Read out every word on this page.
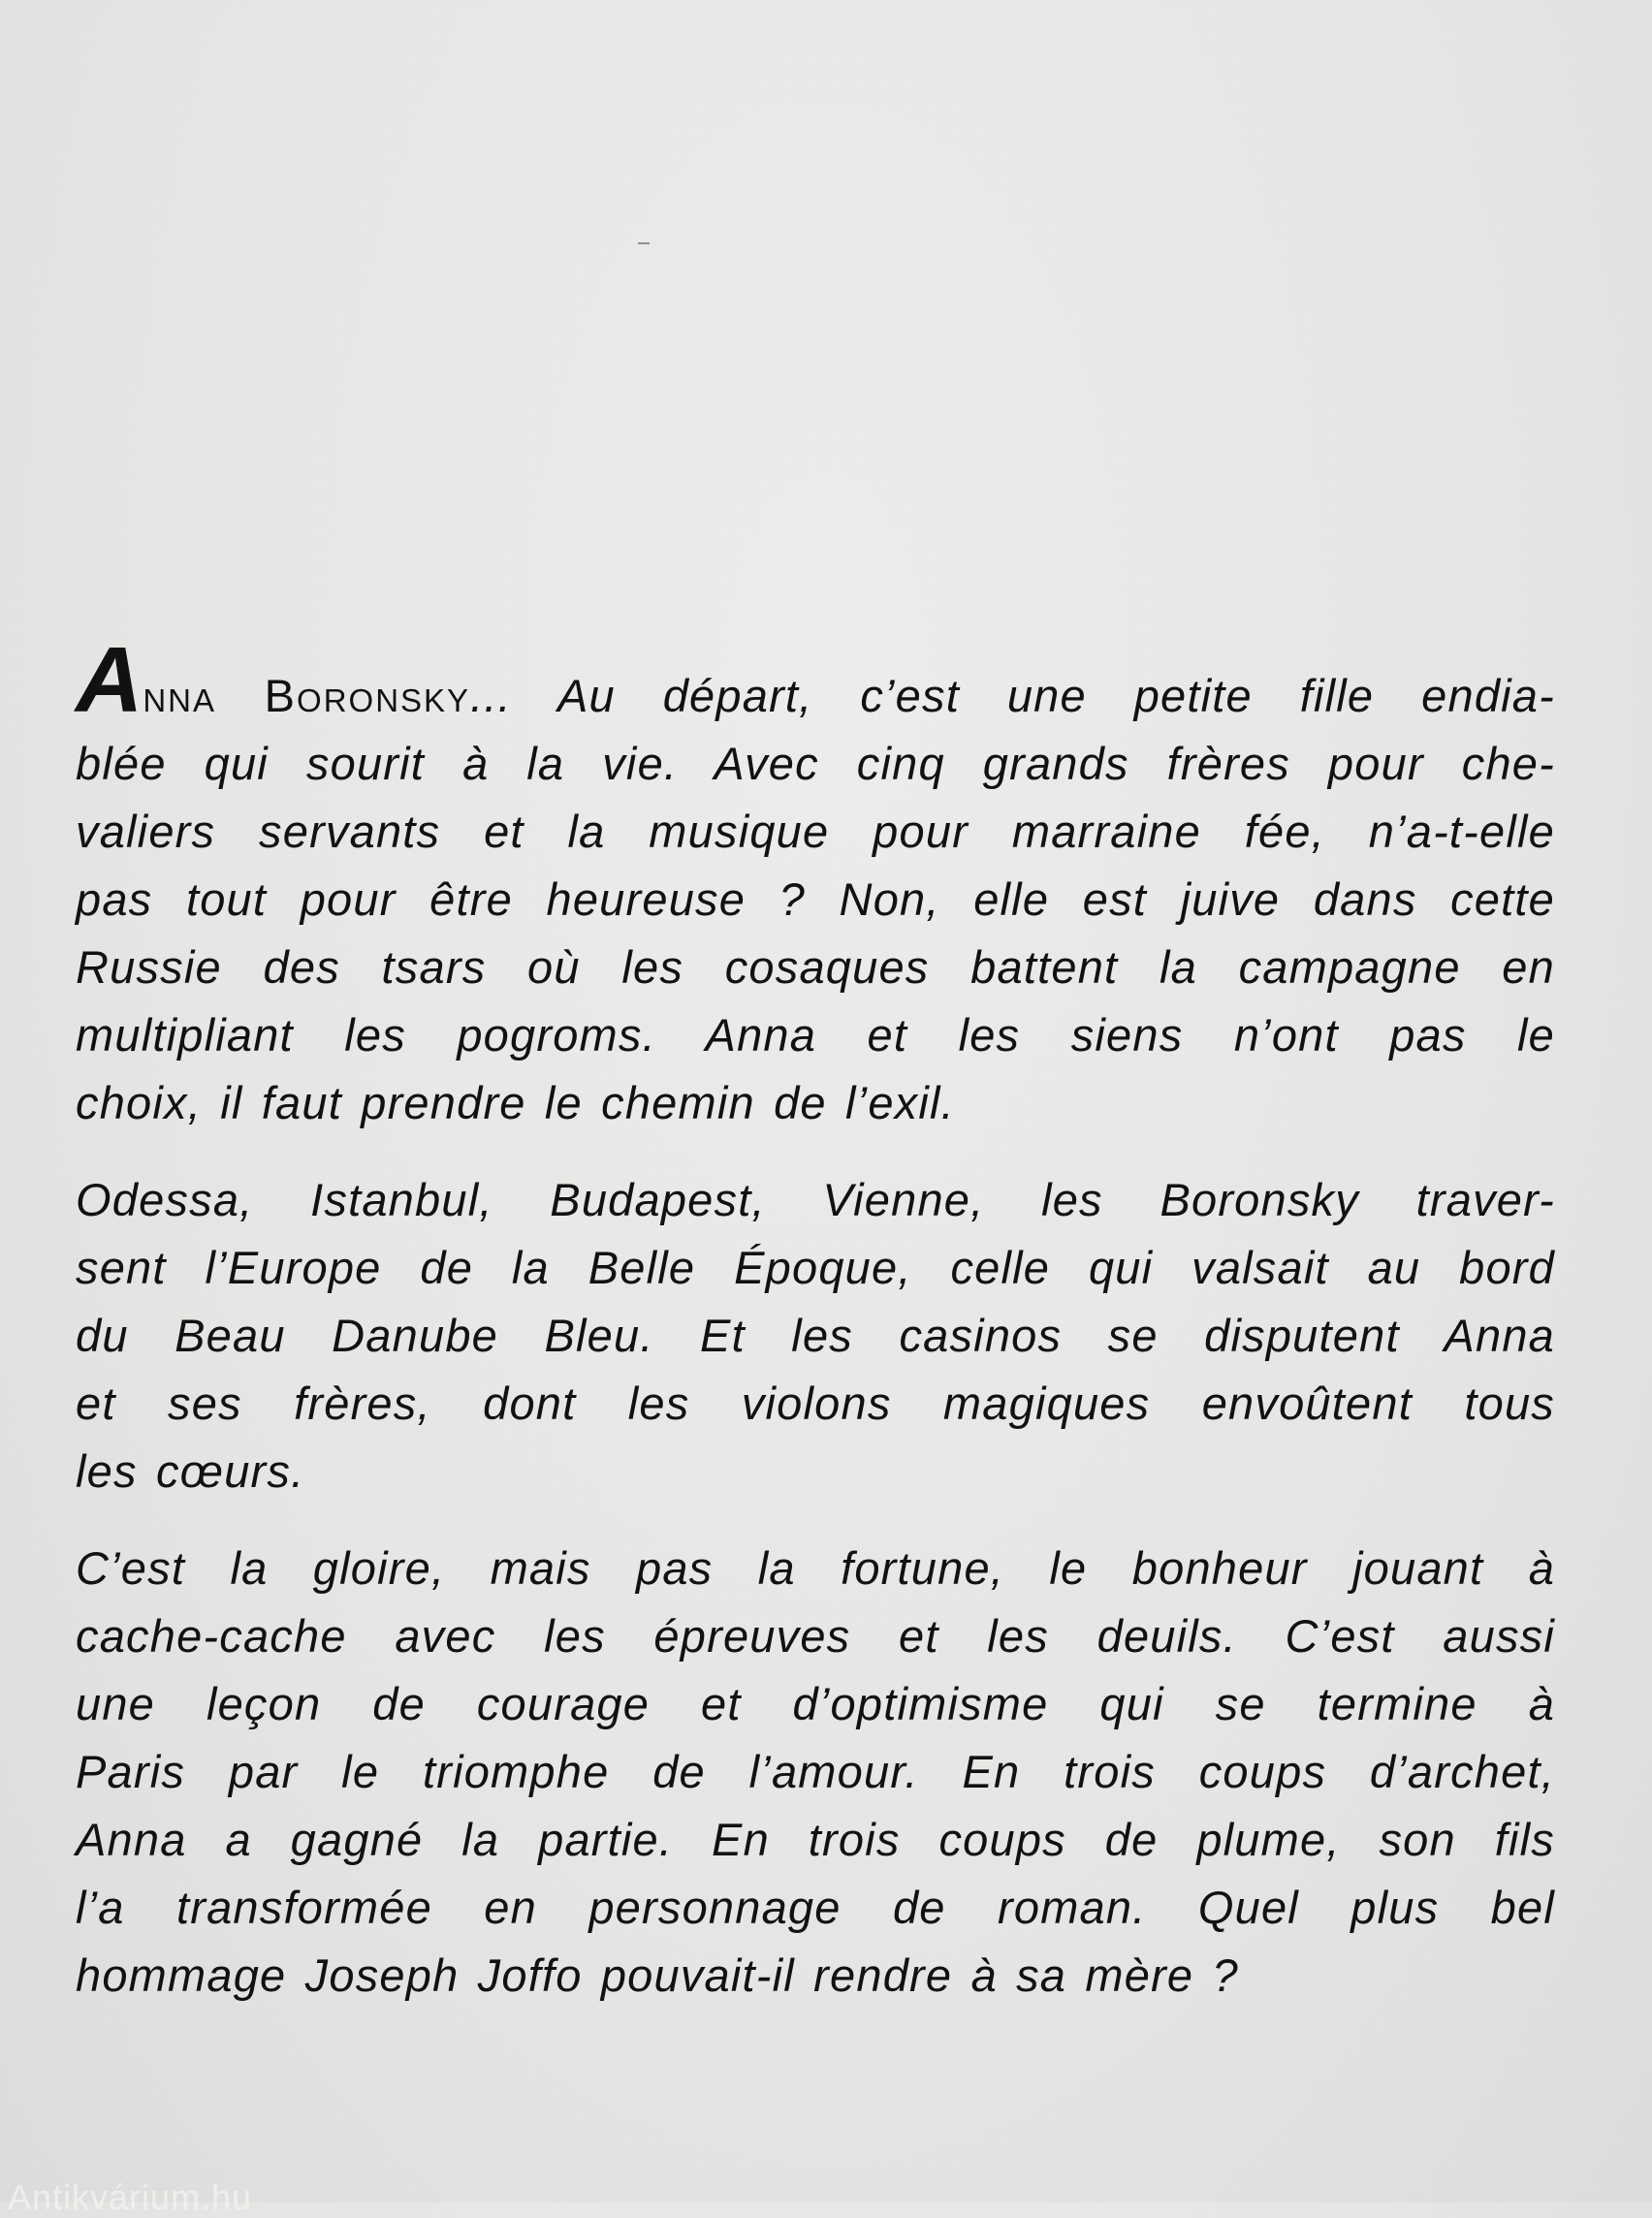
Anna Boronsky... Au départ, c’est une petite fille endia-
blée qui sourit à la vie. Avec cinq grands frères pour che-
valiers servants et la musique pour marraine fée, n’a-t-elle
pas tout pour être heureuse ? Non, elle est juive dans cette
Russie des tsars où les cosaques battent la campagne en
multipliant les pogroms. Anna et les siens n’ont pas le
choix, il faut prendre le chemin de l’exil.

Odessa, Istanbul, Budapest, Vienne, les Boronsky traver-
sent l’Europe de la Belle Époque, celle qui valsait au bord
du Beau Danube Bleu. Et les casinos se disputent Anna
et ses frères, dont les violons magiques envoûtent tous
les cœurs.

C’est la gloire, mais pas la fortune, le bonheur jouant à
cache-cache avec les épreuves et les deuils. C’est aussi
une leçon de courage et d’optimisme qui se termine à
Paris par le triomphe de l’amour. En trois coups d’archet,
Anna a gagné la partie. En trois coups de plume, son fils
l’a transformée en personnage de roman. Quel plus bel
hommage Joseph Joffo pouvait-il rendre à sa mère ?

Antikvárium.hu
